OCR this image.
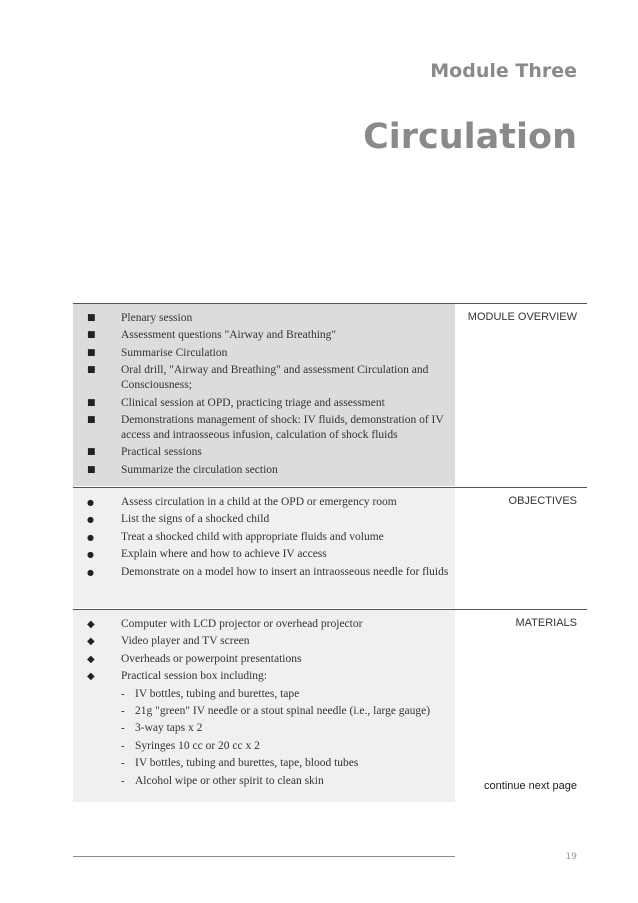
Module Three
Circulation
■	Plenary session
■	Assessment questions "Airway and Breathing"
■	Summarise Circulation
■	Oral drill, "Airway and Breathing" and assessment Circulation and Consciousness;
■	Clinical session at OPD, practicing triage and assessment
■	Demonstrations management of shock: IV fluids, demonstration of IV access and intraosseous infusion, calculation of shock fluids
■	Practical sessions
■	Summarize the circulation section
MODULE OVERVIEW
●	Assess circulation in a child at the OPD or emergency room
●	List the signs of a shocked child
●	Treat a shocked child with appropriate fluids and volume
●	Explain where and how to achieve IV access
●	Demonstrate on a model how to insert an intraosseous needle for fluids
OBJECTIVES
◆	Computer with LCD projector or overhead projector
◆	Video player and TV screen
◆	Overheads or powerpoint presentations
◆	Practical session box including:
- IV bottles, tubing and burettes, tape
- 21g "green" IV needle or a stout spinal needle (i.e., large gauge)
- 3-way taps x 2
- Syringes 10 cc or 20 cc x 2
- IV bottles, tubing and burettes, tape, blood tubes
- Alcohol wipe or other spirit to clean skin
MATERIALS
continue next page
19
